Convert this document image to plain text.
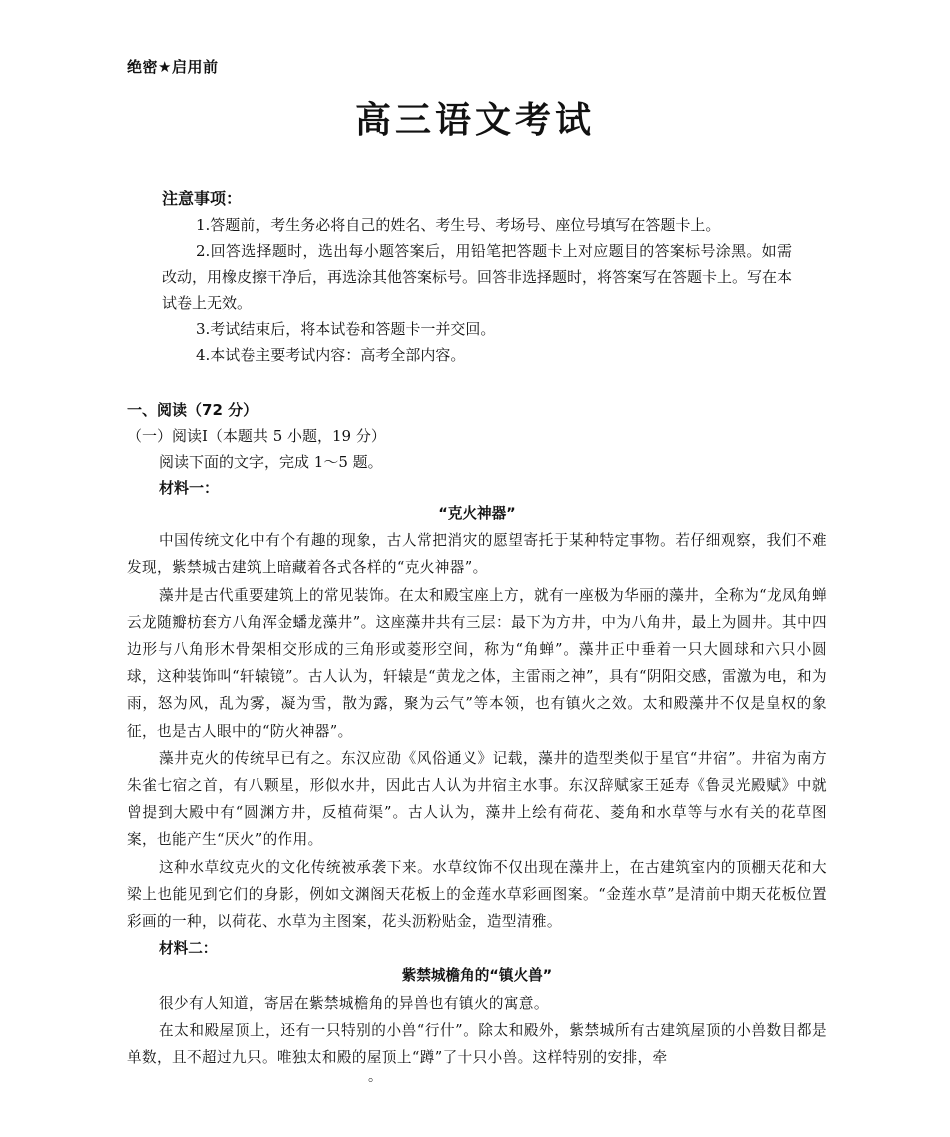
绝密★启用前
高三语文考试
注意事项：

1.答题前，考生务必将自己的姓名、考生号、考场号、座位号填写在答题卡上。

2.回答选择题时，选出每小题答案后，用铅笔把答题卡上对应题目的答案标号涂黑。如需改动，用橡皮擦干净后，再选涂其他答案标号。回答非选择题时，将答案写在答题卡上。写在本试卷上无效。

3.考试结束后，将本试卷和答题卡一并交回。

4.本试卷主要考试内容：高考全部内容。

一、阅读（72 分）

（一）阅读Ⅰ（本题共 5 小题，19 分）

阅读下面的文字，完成 1～5 题。

材料一：

“克火神器”

中国传统文化中有个有趣的现象，古人常把消灾的愿望寄托于某种特定事物。若仔细观察，我们不难发现，紫禁城古建筑上暗藏着各式各样的“克火神器”。

藻井是古代重要建筑上的常见装饰。在太和殿宝座上方，就有一座极为华丽的藻井，全称为“龙凤角蝉云龙随瓣枋套方八角浑金蟠龙藻井”。这座藻井共有三层：最下为方井，中为八角井，最上为圆井。其中四边形与八角形木骨架相交形成的三角形或菱形空间，称为“角蝉”。藻井正中垂着一只大圆球和六只小圆球，这种装饰叫“轩辕镜”。古人认为，轩辕是“黄龙之体，主雷雨之神”，具有“阴阳交感，雷激为电，和为雨，怒为风，乱为雾，凝为雪，散为露，聚为云气”等本领，也有镇火之效。太和殿藻井不仅是皇权的象征，也是古人眼中的“防火神器”。

藻井克火的传统早已有之。东汉应劭《风俗通义》记载，藻井的造型类似于星官“井宿”。井宿为南方朱雀七宿之首，有八颗星，形似水井，因此古人认为井宿主水事。东汉辞赋家王延寿《鲁灵光殿赋》中就曾提到大殿中有“圆渊方井，反植荷渠”。古人认为，藻井上绘有荷花、菱角和水草等与水有关的花草图案，也能产生“厌火”的作用。

这种水草纹克火的文化传统被承袭下来。水草纹饰不仅出现在藻井上，在古建筑室内的顶棚天花和大梁上也能见到它们的身影，例如文渊阁天花板上的金莲水草彩画图案。“金莲水草”是清前中期天花板位置彩画的一种，以荷花、水草为主图案，花头沥粉贴金，造型清雅。

材料二：

紫禁城檐角的“镇火兽”

很少有人知道，寄居在紫禁城檐角的异兽也有镇火的寓意。

在太和殿屋顶上，还有一只特别的小兽“行什”。除太和殿外，紫禁城所有古建筑屋顶的小兽数目都是单数，且不超过九只。唯独太和殿的屋顶上“蹲”了十只小兽。这样特别的安排，牵

。
